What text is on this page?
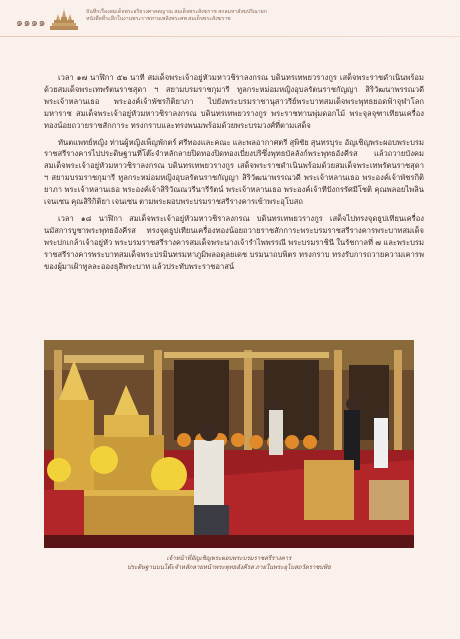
๑๑๑๑
บันทึกเรื่องสมเด็จพระอริยวงศาคตญาณ สมเด็จพระสังฆราช สกลมหาสังฆปริณายก
หนังสือที่ระลึกในงานพระราชทานเพลิงพระศพ สมเด็จพระสังฆราช

เวลา ๑๗ นาฬิกา ๕๒ นาที สมเด็จพระเจ้าอยู่หัวมหาวชิราลงกรณ บดินทรเทพยวรางกูร เสด็จพระราชดำเนินพร้อมด้วยสมเด็จพระเทพรัตนราชสุดา ฯ สยามบรมราชกุมารี ทูลกระหม่อมหญิงอุบลรัตนราชกัญญา สิริวัฒนาพรรณวดี พระเจ้าหลานเธอ พระองค์เจ้าพัชรกิติยาภา ไปยังพระบรมราชานุสาวรีย์พระบาทสมเด็จพระพุทธยอดฟ้าจุฬาโลกมหาราช สมเด็จพระเจ้าอยู่หัวมหาวชิราลงกรณ บดินทรเทพยวรางกูร พระราชทานพุ่มดอกไม้ พระจุลจุฑาเทียนเครื่องทองน้อยถวายราชสักการะ ทรงกราบและทรงพนมพร้อมด้วยพระบรมวงศ์ที่ตามเสด็จ

ทันตแพทย์หญิง ท่านผู้หญิงเพ็ญพักตร์ ศรีทองและคณะ และพลอากาศตรี สุพิชัย สุนทรบุระ อัญเชิญพระผอบพระบรมราชสรีรางคารไปประดิษฐานที่โต๊ะจำหลักลายปิดทองปิดทองเบี่ยงปริซึ่งพุทธบัลลังก์พระพุทธอังคีรส แล้วถวายบังคม สมเด็จพระเจ้าอยู่หัวมหาวชิราลงกรณ บดินทรเทพยวรางกูร เสด็จพระราชดำเนินพร้อมด้วยสมเด็จพระเทพรัตนราชสุดา ฯ สยามบรมราชกุมารี ทูลกระหม่อมหญิงอุบลรัตนราชกัญญา สิริวัฒนาพรรณวดี พระเจ้าหลานเธอ พระองค์เจ้าพัชรกิติยาภา พระเจ้าหลานเธอ พระองค์เจ้าสิริวัณณวรีนารีรัตน์ พระเจ้าหลานเธอ พระองค์เจ้าทีปังกรรัศมีโชติ คุณพลอยไพลิน เจนเซน คุณสิริกิติยา เจนเซน ตามพระผอบพระบรมราชสรีรางคารเข้าพระอุโบสถ

เวลา ๑๘ นาฬิกา สมเด็จพระเจ้าอยู่หัวมหาวชิราลงกรณ บดินทรเทพยวรางกูร เสด็จไปทรงจุดธูปเทียนเครื่องนมัสการบูชาพระพุทธอังคีรส ทรงจุดธูปเทียนเครื่องทองน้อยถวายราชสักการะพระบรมราชสรีรางคารพระบาทสมเด็จพระปกเกล้าเจ้าอยู่หัว พระบรมราชสรีรางคารสมเด็จพระนางเจ้ารำไพพรรณี พระบรมราชินี ในรัชกาลที่ ๗ และพระบรมราชสรีรางคารพระบาทสมเด็จพระปรมินทรมหาภูมิพลอดุลยเดช บรมนาถบพิตร ทรงกราบ ทรงรับการถวายความเคารพของผู้มาเฝ้าทูลละอองธุลีพระบาท แล้วประทับพระราชอาสน์

เจ้าหน้าที่อัญเชิญพระผอบพระบรมราชสรีรางคาร
ประดิษฐานบนโต๊ะจำหลักลายหน้าพระพุทธอังคีรส ภายในพระอุโบสถวัดราชบพิธ
